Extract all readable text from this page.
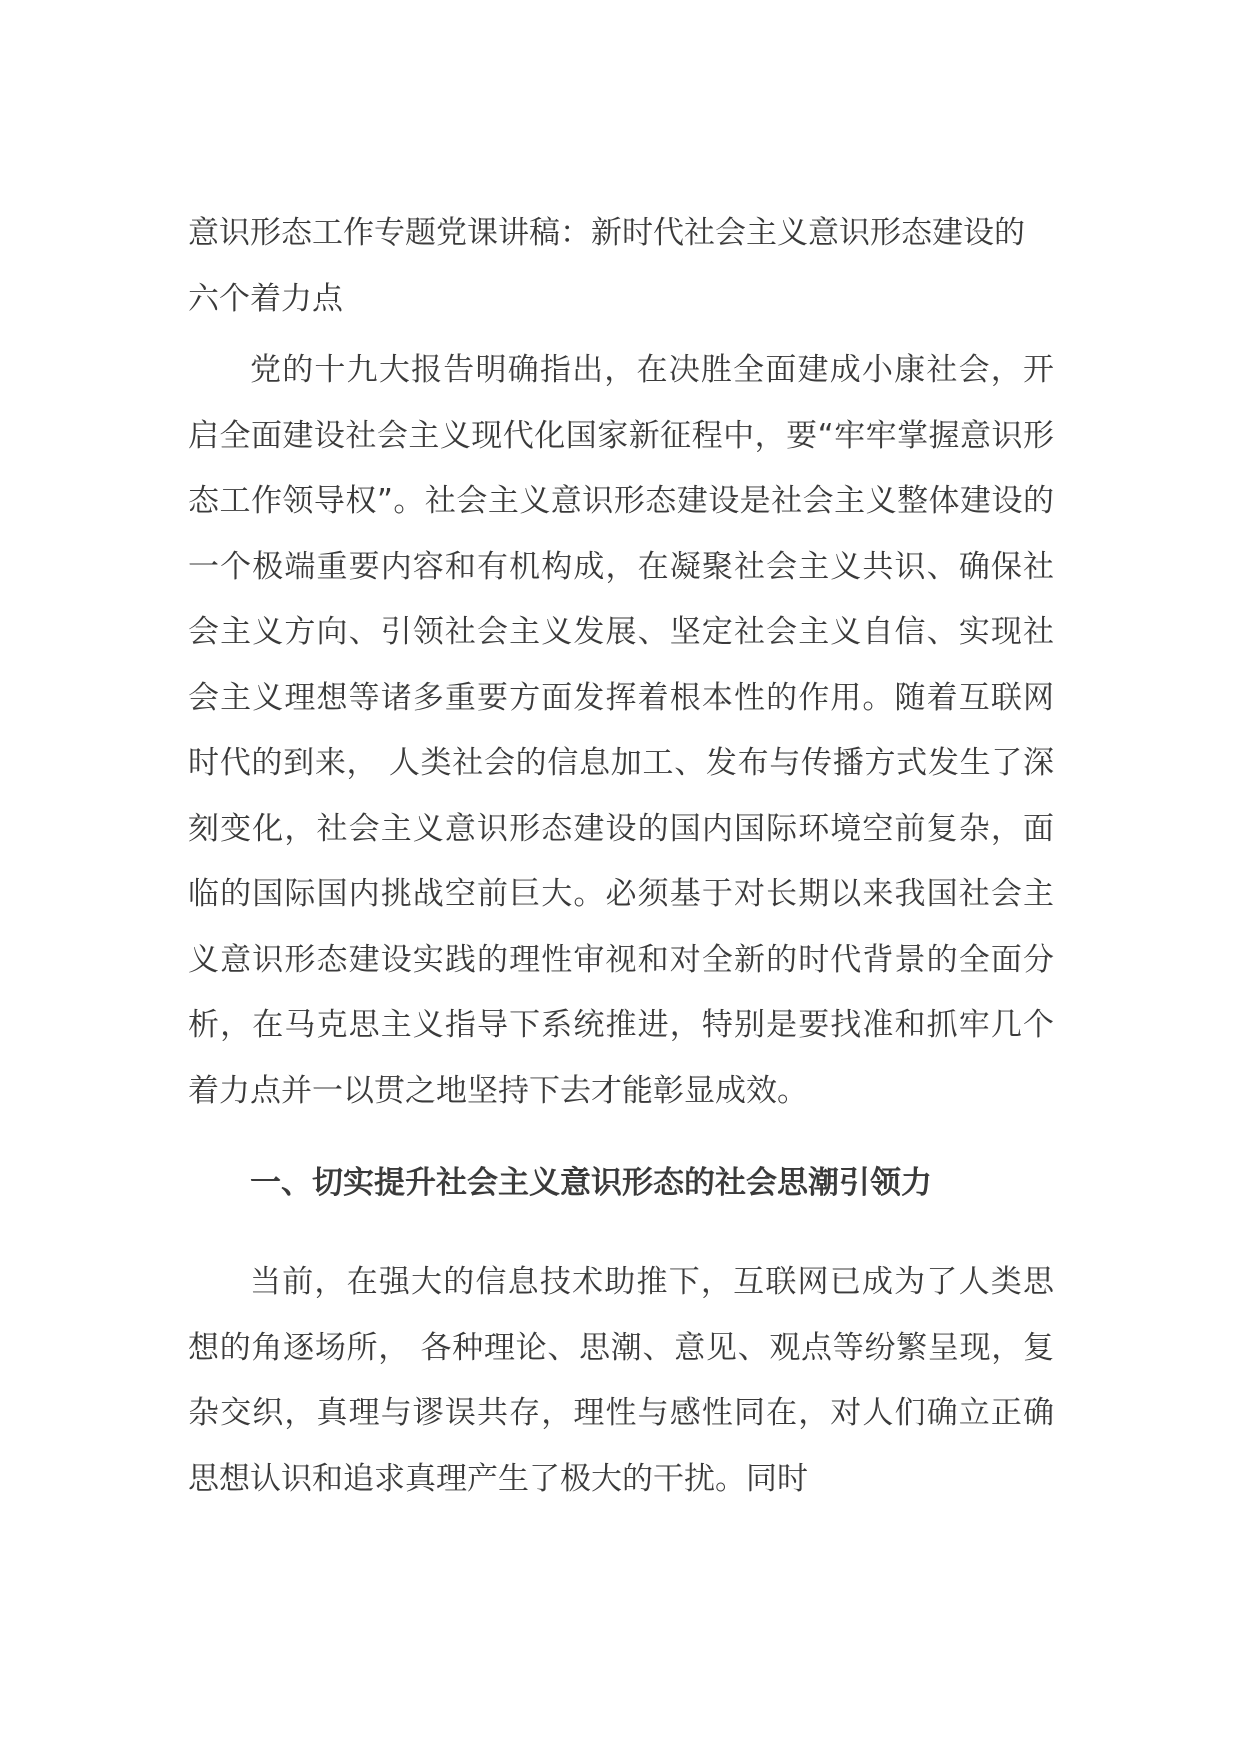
意识形态工作专题党课讲稿：新时代社会主义意识形态建设的六个着力点

党的十九大报告明确指出，在决胜全面建成小康社会，开启全面建设社会主义现代化国家新征程中，要“牢牢掌握意识形态工作领导权”。社会主义意识形态建设是社会主义整体建设的一个极端重要内容和有机构成，在凝聚社会主义共识、确保社会主义方向、引领社会主义发展、坚定社会主义自信、实现社会主义理想等诸多重要方面发挥着根本性的作用。随着互联网时代的到来， 人类社会的信息加工、发布与传播方式发生了深刻变化，社会主义意识形态建设的国内国际环境空前复杂，面临的国际国内挑战空前巨大。必须基于对长期以来我国社会主义意识形态建设实践的理性审视和对全新的时代背景的全面分析，在马克思主义指导下系统推进，特别是要找准和抓牢几个着力点并一以贯之地坚持下去才能彰显成效。

一、切实提升社会主义意识形态的社会思潮引领力

当前，在强大的信息技术助推下，互联网已成为了人类思想的角逐场所， 各种理论、思潮、意见、观点等纷繁呈现，复杂交织，真理与谬误共存，理性与感性同在，对人们确立正确思想认识和追求真理产生了极大的干扰。同时
